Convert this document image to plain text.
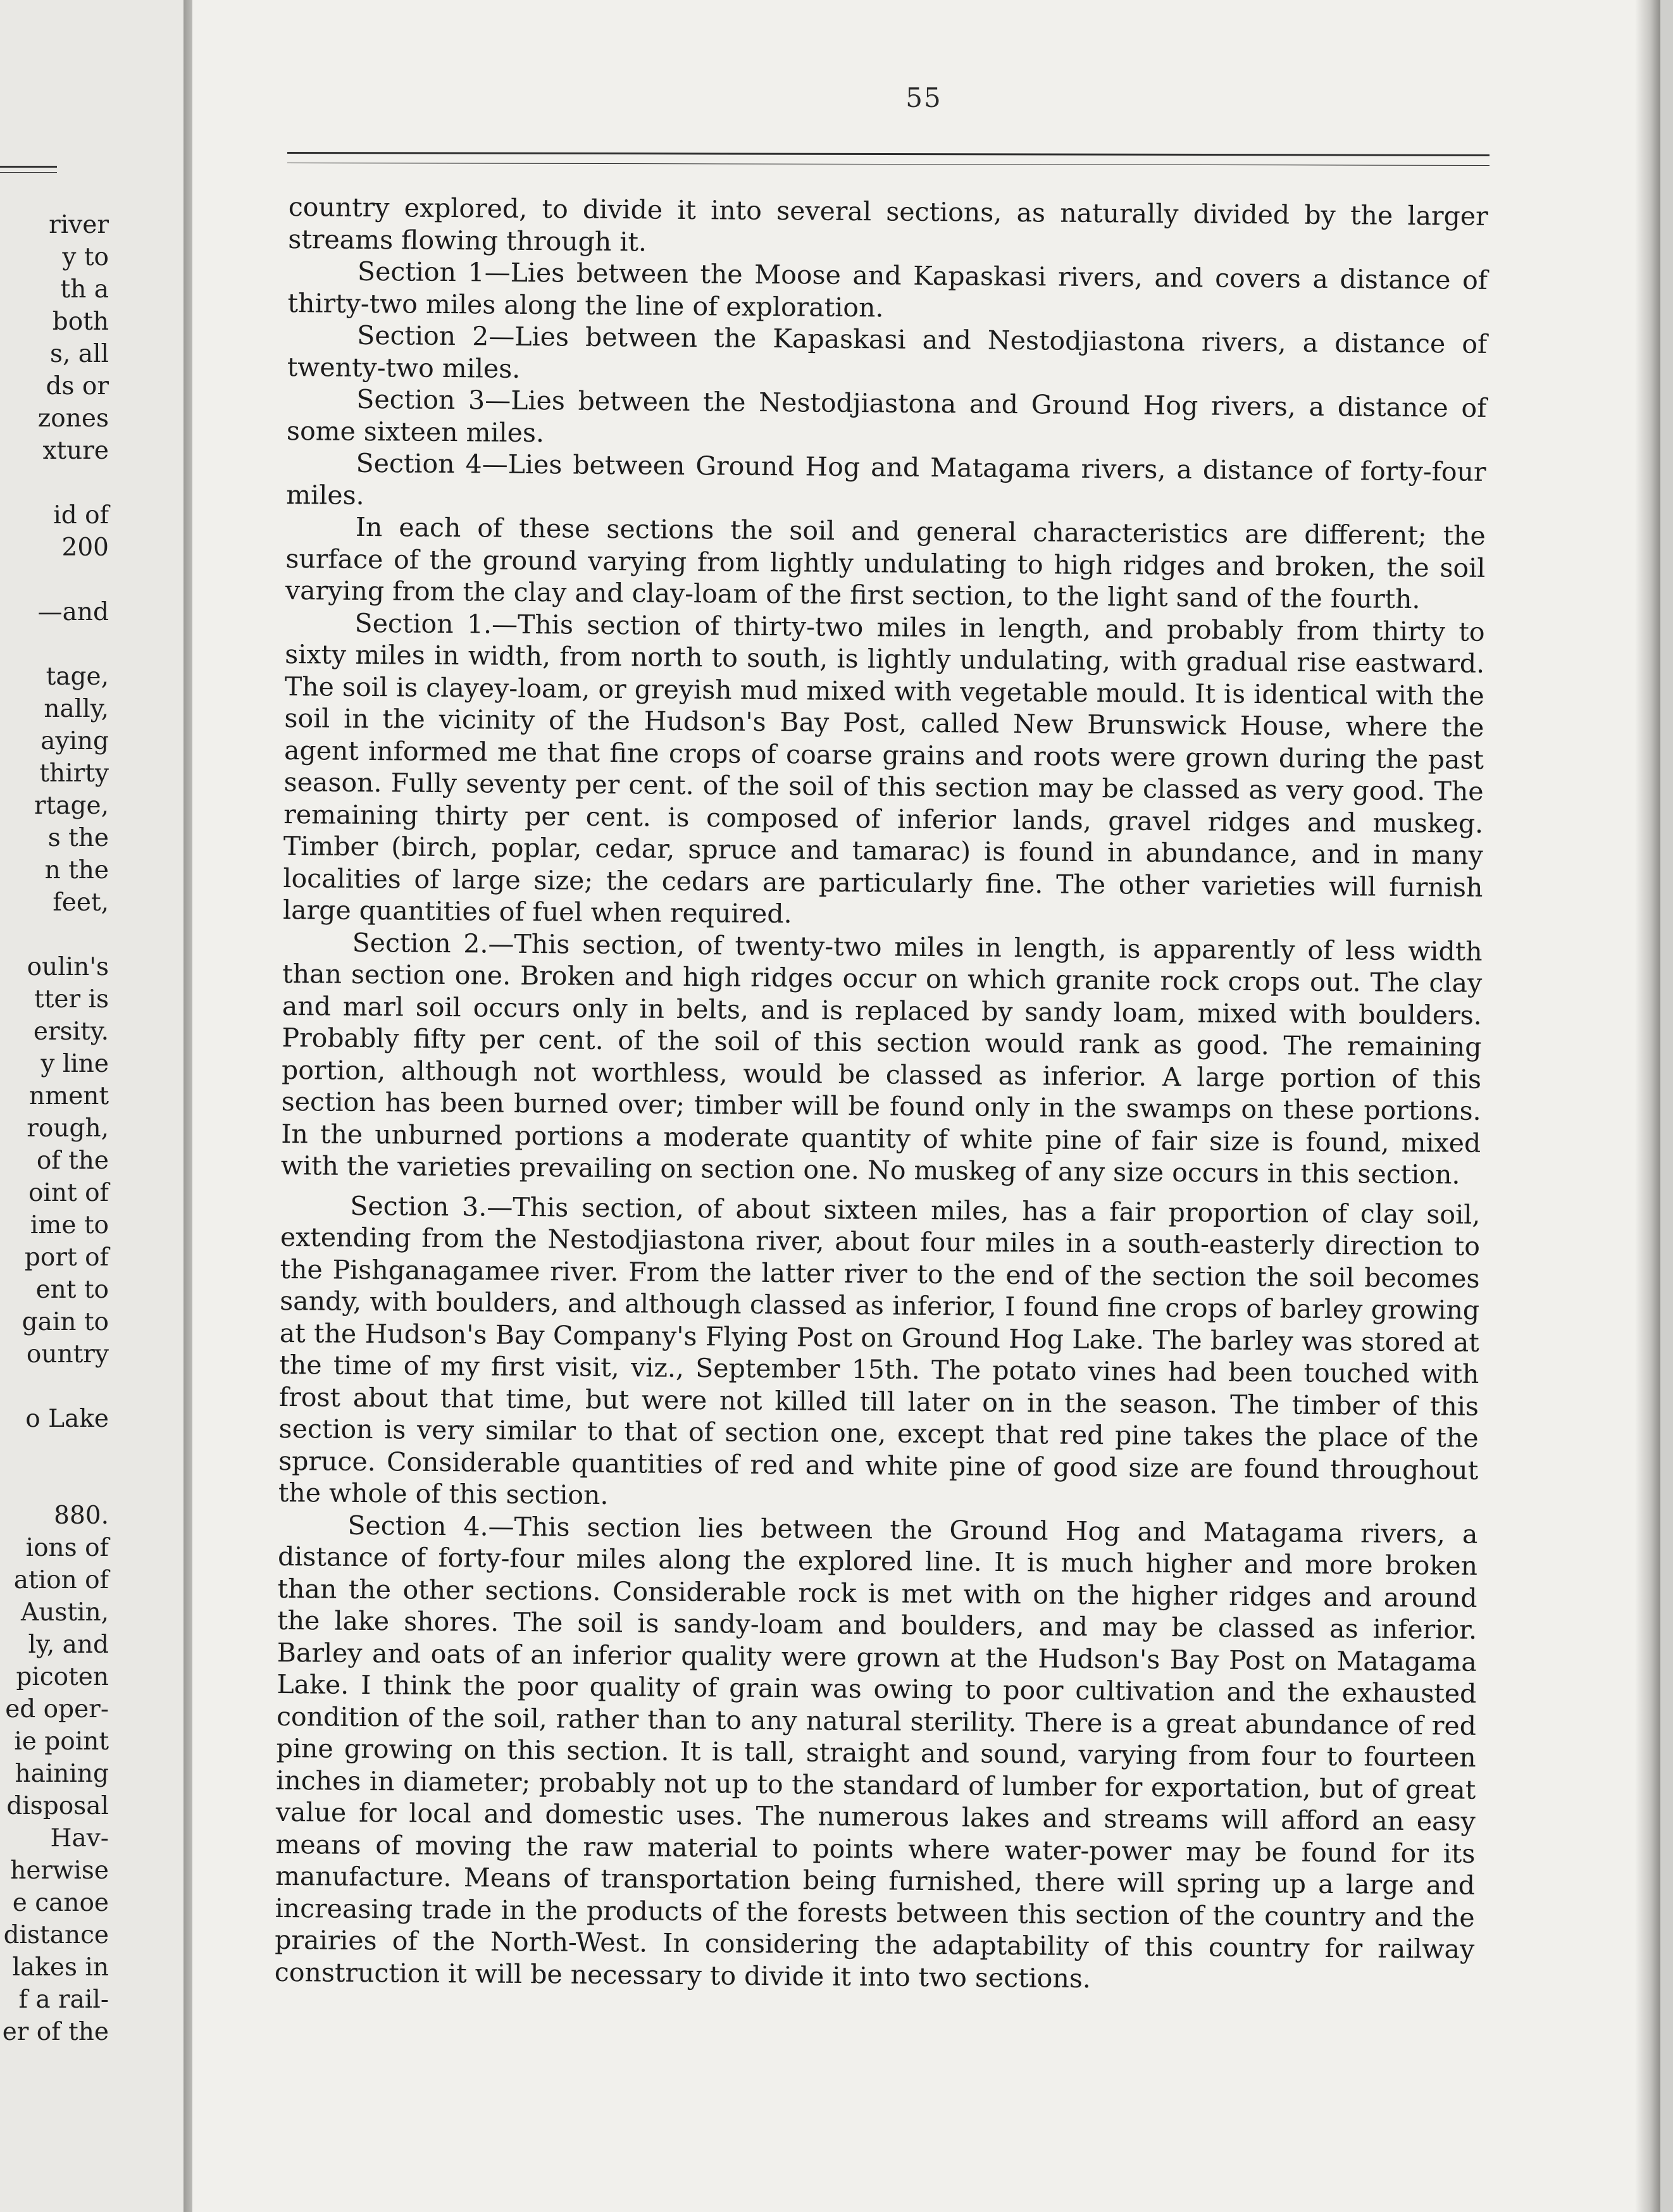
river
y to
th a
both
s, all
ds or
zones
xture
id of
200
—and
tage,
nally,
aying
thirty
rtage,
s the
n the
feet,
oulin's
tter is
ersity.
y line
nment
rough,
of the
oint of
ime to
port of
ent to
gain to
ountry
o Lake
880.
ions of
ation of
Austin,
ly, and
picoten
ed oper-
ie point
haining
disposal
Hav-
herwise
e canoe
distance
lakes in
f a rail-
er of the
55

country explored, to divide it into several sections, as naturally divided by the larger streams flowing through it.

Section 1—Lies between the Moose and Kapaskasi rivers, and covers a distance of thirty-two miles along the line of exploration.

Section 2—Lies between the Kapaskasi and Nestodjiastona rivers, a distance of twenty-two miles.

Section 3—Lies between the Nestodjiastona and Ground Hog rivers, a distance of some sixteen miles.

Section 4—Lies between Ground Hog and Matagama rivers, a distance of forty-four miles.

In each of these sections the soil and general characteristics are different; the surface of the ground varying from lightly undulating to high ridges and broken, the soil varying from the clay and clay-loam of the first section, to the light sand of the fourth.

Section 1.—This section of thirty-two miles in length, and probably from thirty to sixty miles in width, from north to south, is lightly undulating, with gradual rise eastward. The soil is clayey-loam, or greyish mud mixed with vegetable mould. It is identical with the soil in the vicinity of the Hudson's Bay Post, called New Brunswick House, where the agent informed me that fine crops of coarse grains and roots were grown during the past season. Fully seventy per cent. of the soil of this section may be classed as very good. The remaining thirty per cent. is composed of inferior lands, gravel ridges and muskeg. Timber (birch, poplar, cedar, spruce and tamarac) is found in abundance, and in many localities of large size; the cedars are particularly fine. The other varieties will furnish large quantities of fuel when required.

Section 2.—This section, of twenty-two miles in length, is apparently of less width than section one. Broken and high ridges occur on which granite rock crops out. The clay and marl soil occurs only in belts, and is replaced by sandy loam, mixed with boulders. Probably fifty per cent. of the soil of this section would rank as good. The remaining portion, although not worthless, would be classed as inferior. A large portion of this section has been burned over; timber will be found only in the swamps on these portions. In the unburned portions a moderate quantity of white pine of fair size is found, mixed with the varieties prevailing on section one. No muskeg of any size occurs in this section.

Section 3.—This section, of about sixteen miles, has a fair proportion of clay soil, extending from the Nestodjiastona river, about four miles in a south-easterly direction to the Pishganagamee river. From the latter river to the end of the section the soil becomes sandy, with boulders, and although classed as inferior, I found fine crops of barley growing at the Hudson's Bay Company's Flying Post on Ground Hog Lake. The barley was stored at the time of my first visit, viz., September 15th. The potato vines had been touched with frost about that time, but were not killed till later on in the season. The timber of this section is very similar to that of section one, except that red pine takes the place of the spruce. Considerable quantities of red and white pine of good size are found throughout the whole of this section.

Section 4.—This section lies between the Ground Hog and Matagama rivers, a distance of forty-four miles along the explored line. It is much higher and more broken than the other sections. Considerable rock is met with on the higher ridges and around the lake shores. The soil is sandy-loam and boulders, and may be classed as inferior. Barley and oats of an inferior quality were grown at the Hudson's Bay Post on Matagama Lake. I think the poor quality of grain was owing to poor cultivation and the exhausted condition of the soil, rather than to any natural sterility. There is a great abundance of red pine growing on this section. It is tall, straight and sound, varying from four to fourteen inches in diameter; probably not up to the standard of lumber for exportation, but of great value for local and domestic uses. The numerous lakes and streams will afford an easy means of moving the raw material to points where water-power may be found for its manufacture. Means of transportation being furnished, there will spring up a large and increasing trade in the products of the forests between this section of the country and the prairies of the North-West. In considering the adaptability of this country for railway construction it will be necessary to divide it into two sections.
